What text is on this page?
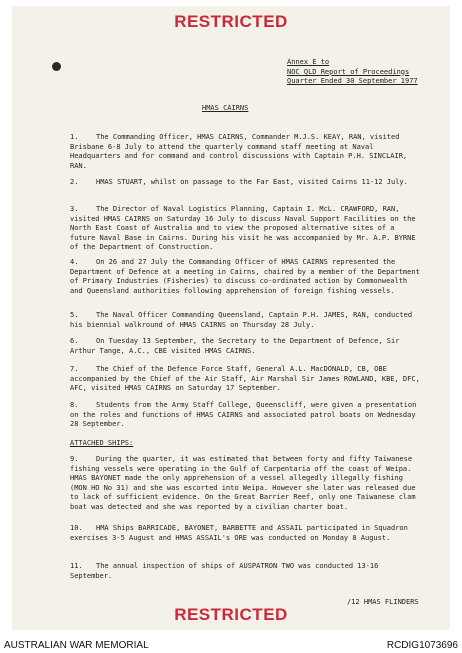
RESTRICTED
Annex E to
NOC QLD Report of Proceedings
Quarter Ended 30 September 1977
HMAS CAIRNS

1.	The Commanding Officer, HMAS CAIRNS, Commander M.J.S. KEAY, RAN, visited Brisbane 6-8 July to attend the quarterly command staff meeting at Naval Headquarters and for command and control discussions with Captain P.H. SINCLAIR, RAN.

2.	HMAS STUART, whilst on passage to the Far East, visited Cairns 11-12 July.

3.	The Director of Naval Logistics Planning, Captain I. McL. CRAWFORD, RAN, visited HMAS CAIRNS on Saturday 16 July to discuss Naval Support Facilities on the North East Coast of Australia and to view the proposed alternative sites of a future Naval Base in Cairns. During his visit he was accompanied by Mr. A.P. BYRNE of the Department of Construction.

4.	On 26 and 27 July the Commanding Officer of HMAS CAIRNS represented the Department of Defence at a meeting in Cairns, chaired by a member of the Department of Primary Industries (Fisheries) to discuss co-ordinated action by Commonwealth and Queensland authorities following apprehension of foreign fishing vessels.

5.	The Naval Officer Commanding Queensland, Captain P.H. JAMES, RAN, conducted his biennial walkround of HMAS CAIRNS on Thursday 28 July.

6.	On Tuesday 13 September, the Secretary to the Department of Defence, Sir Arthur Tange, A.C., CBE visited HMAS CAIRNS.

7.	The Chief of the Defence Force Staff, General A.L. MacDONALD, CB, OBE accompanied by the Chief of the Air Staff, Air Marshal Sir James ROWLAND, KBE, DFC, AFC, visited HMAS CAIRNS on Saturday 17 September.

8.	Students from the Army Staff College, Queenscliff, were given a presentation on the roles and functions of HMAS CAIRNS and associated patrol boats on Wednesday 28 September.

ATTACHED SHIPS:

9.	During the quarter, it was estimated that between forty and fifty Taiwanese fishing vessels were operating in the Gulf of Carpentaria off the coast of Weipa. HMAS BAYONET made the only apprehension of a vessel allegedly illegally fishing (MON HO No 31) and she was escorted into Weipa. However she later was released due to lack of sufficient evidence. On the Great Barrier Reef, only one Taiwanese clam boat was detected and she was reported by a civilian charter boat.

10. HMA Ships BARRICADE, BAYONET, BARBETTE and ASSAIL participated in Squadron exercises 3-5 August and HMAS ASSAIL's ORE was conducted on Monday 8 August.

11. The annual inspection of ships of AUSPATRON TWO was conducted 13-16 September.

/12 HMAS FLINDERS
RESTRICTED
AUSTRALIAN WAR MEMORIAL	RCDIG1073696
